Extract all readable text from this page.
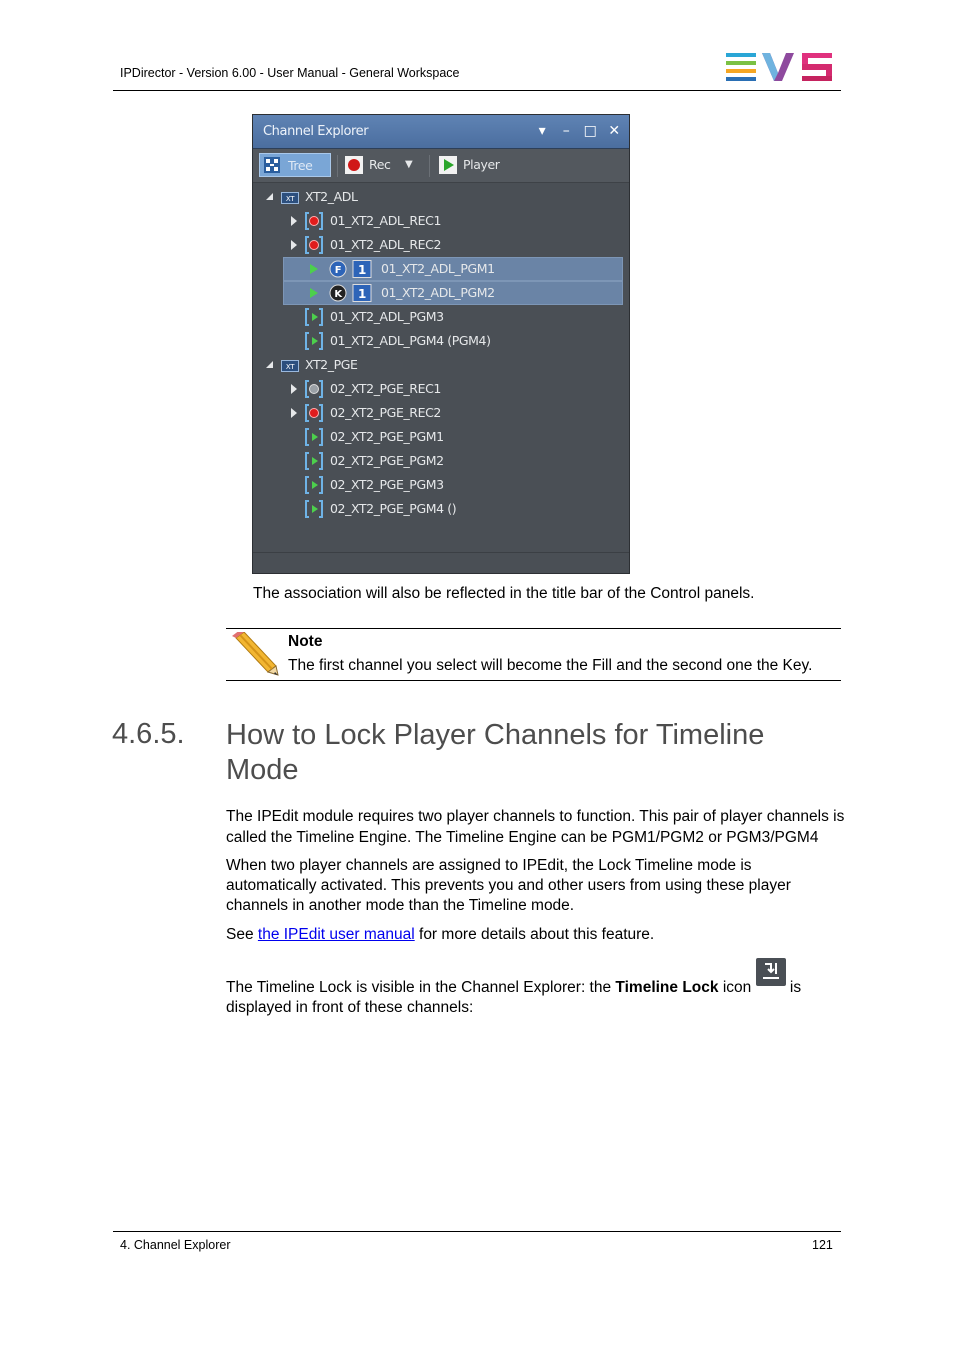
IPDirector - Version 6.00 - User Manual - General Workspace
Channel Explorer	▾	–	□ ✕
Tree	Rec ▼	Player
XT XT2_ADL
01_XT2_ADL_REC1
01_XT2_ADL_REC2
F 1 01_XT2_ADL_PGM1
K 1 01_XT2_ADL_PGM2
01_XT2_ADL_PGM3
01_XT2_ADL_PGM4 (PGM4)
XT XT2_PGE
02_XT2_PGE_REC1
02_XT2_PGE_REC2
02_XT2_PGE_PGM1
02_XT2_PGE_PGM2
02_XT2_PGE_PGM3
02_XT2_PGE_PGM4 ()
The association will also be reflected in the title bar of the Control panels.
Note
The first channel you select will become the Fill and the second one the Key.
4.6.5. How to Lock Player Channels for Timeline Mode
The IPEdit module requires two player channels to function. This pair of player channels is called the Timeline Engine. The Timeline Engine can be PGM1/PGM2 or PGM3/PGM4
When two player channels are assigned to IPEdit, the Lock Timeline mode is automatically activated. This prevents you and other users from using these player channels in another mode than the Timeline mode.
See the IPEdit user manual for more details about this feature.
The Timeline Lock is visible in the Channel Explorer: the Timeline Lock icon
is displayed in front of these channels:
4. Channel Explorer	121
